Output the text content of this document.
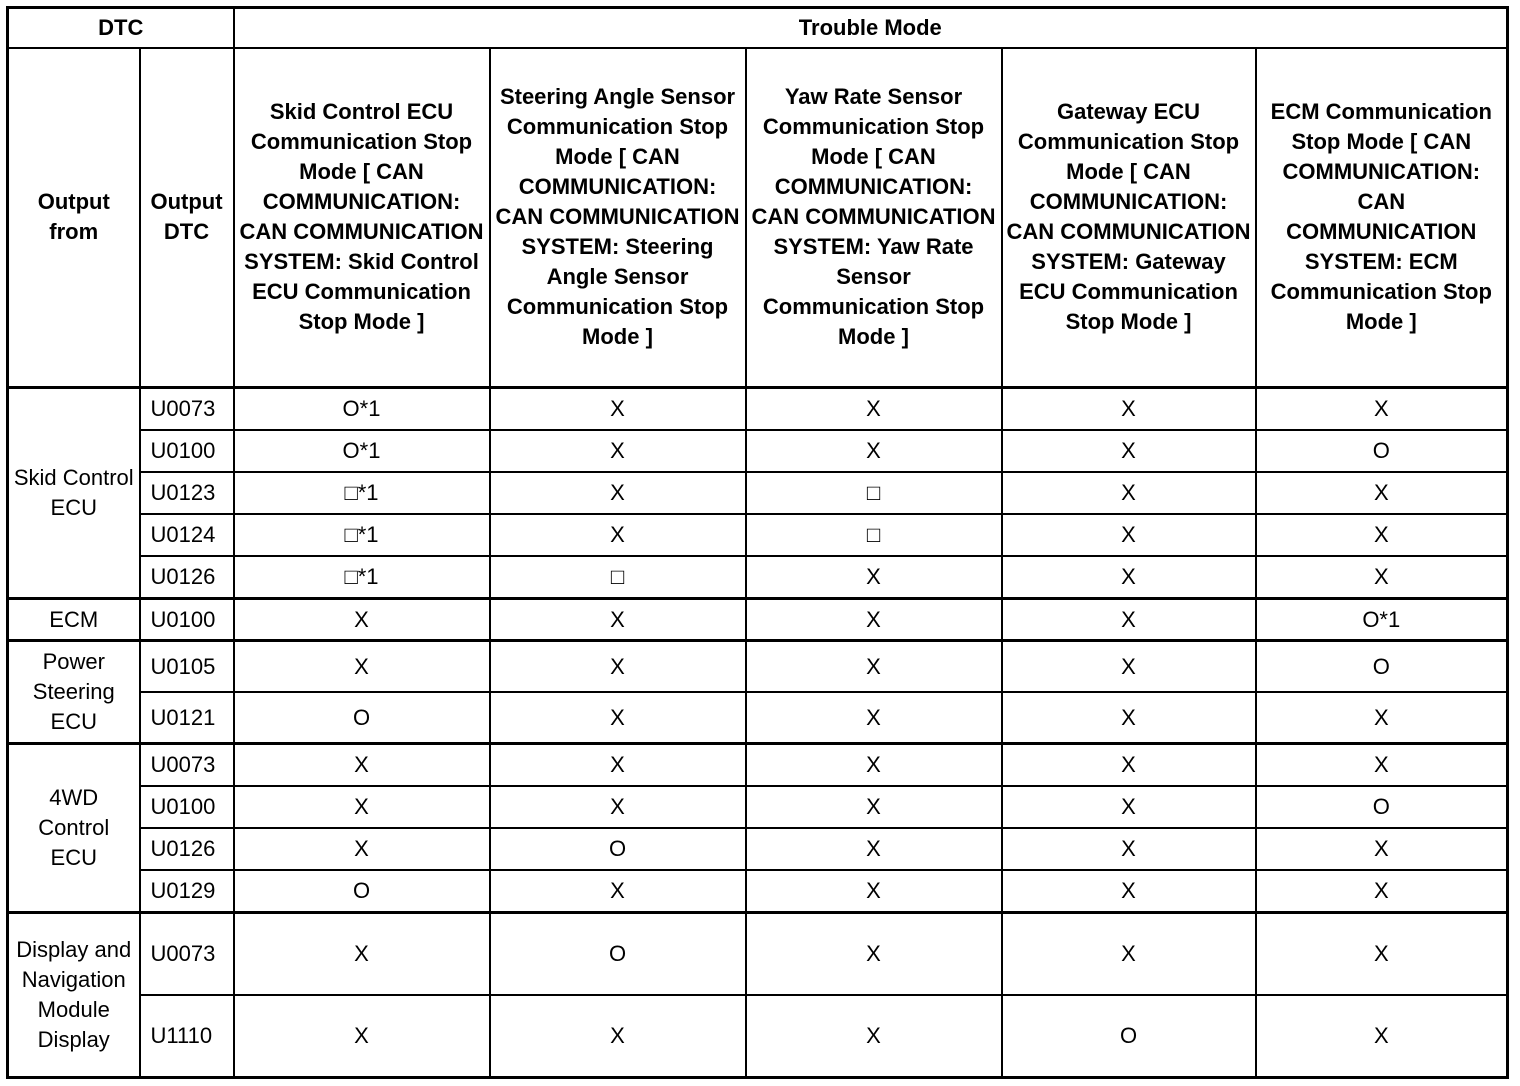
DTC		Trouble Mode				
Output from	Output DTC	Skid Control ECU Communication Stop Mode [ CAN COMMUNICATION: CAN COMMUNICATION SYSTEM: Skid Control ECU Communication Stop Mode ]	Steering Angle Sensor Communication Stop Mode [ CAN COMMUNICATION: CAN COMMUNICATION SYSTEM: Steering Angle Sensor Communication Stop Mode ]	Yaw Rate Sensor Communication Stop Mode [ CAN COMMUNICATION: CAN COMMUNICATION SYSTEM: Yaw Rate Sensor Communication Stop Mode ]	Gateway ECU Communication Stop Mode [ CAN COMMUNICATION: CAN COMMUNICATION SYSTEM: Gateway ECU Communication Stop Mode ]	ECM Communication Stop Mode [ CAN COMMUNICATION: CAN COMMUNICATION SYSTEM: ECM Communication Stop Mode ]
Skid Control ECU	U0073	O*1	X	X	X	X
	U0100	O*1	X	X	X	O
	U0123	□*1	X	□	X	X
	U0124	□*1	X	□	X	X
	U0126	□*1	□	X	X	X
ECM	U0100	X	X	X	X	O*1
Power Steering ECU	U0105	X	X	X	X	O
	U0121	O	X	X	X	X
4WD Control ECU	U0073	X	X	X	X	X
	U0100	X	X	X	X	O
	U0126	X	O	X	X	X
	U0129	O	X	X	X	X
Display and Navigation Module Display	U0073	X	O	X	X	X
	U1110	X	X	X	O	X
